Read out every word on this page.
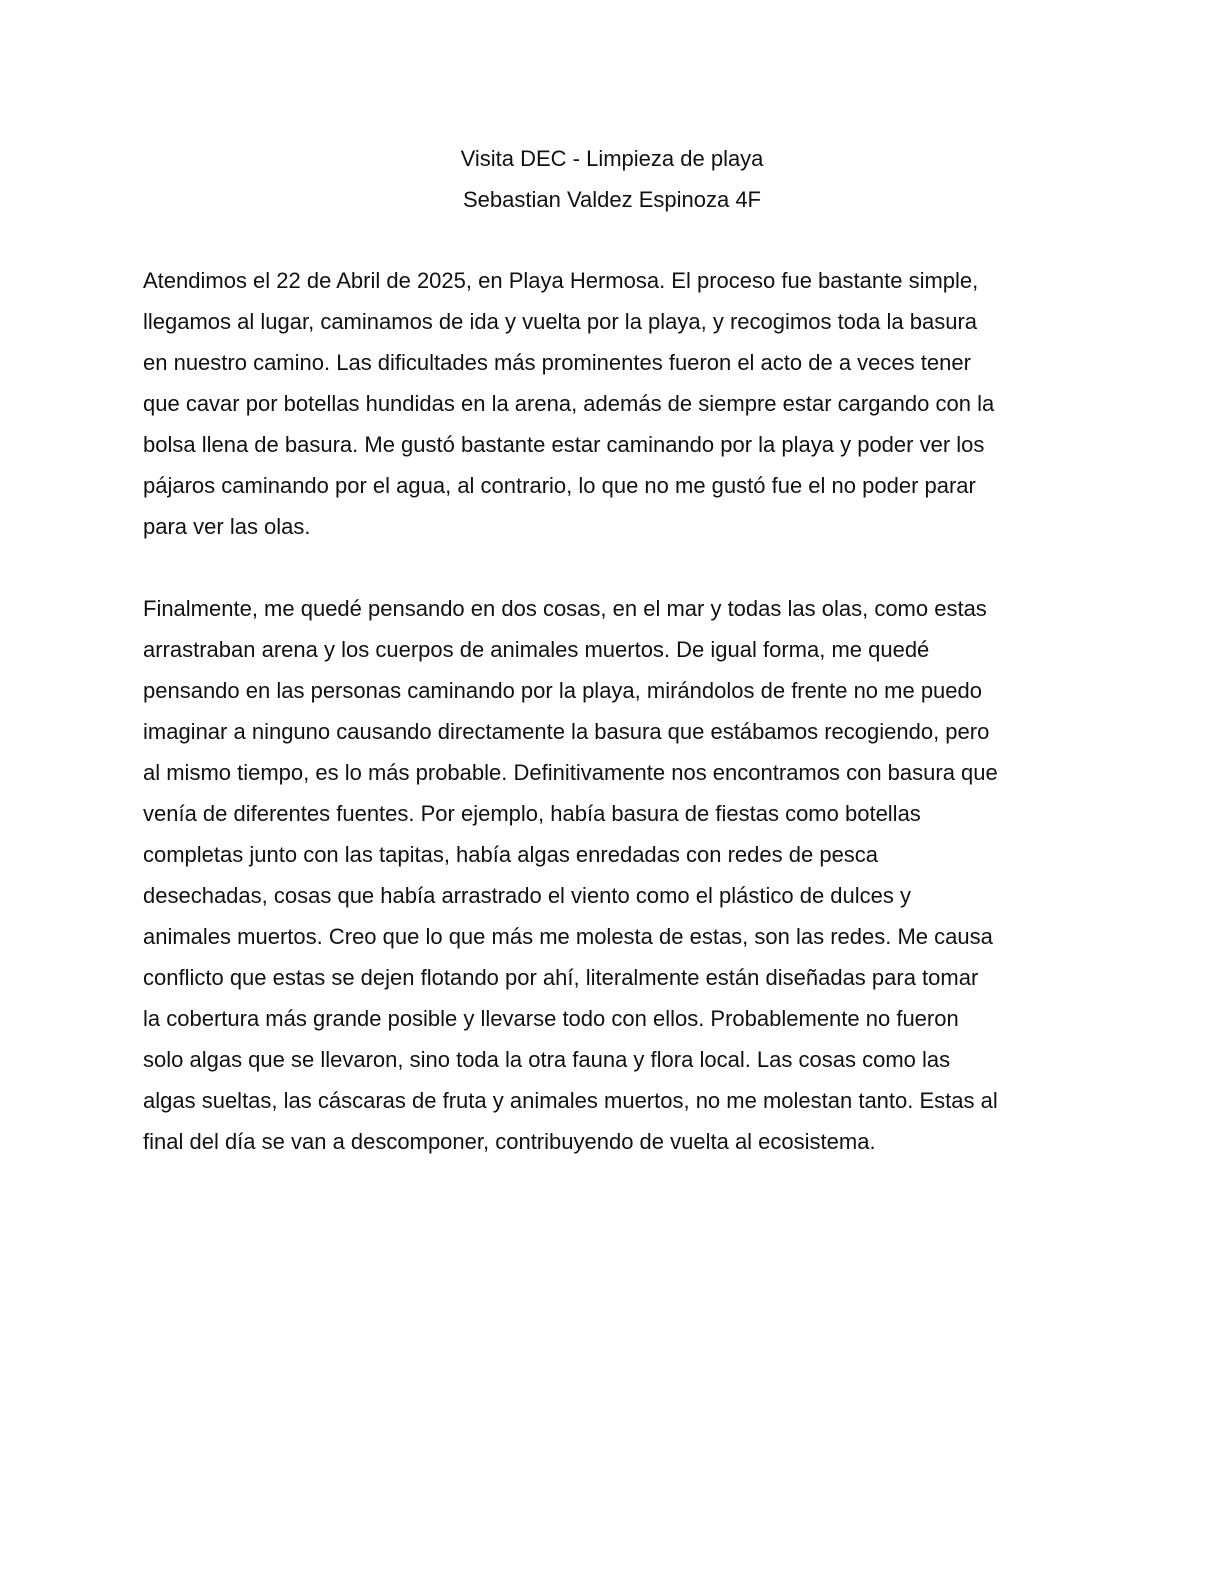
Visita DEC - Limpieza de playa
Sebastian Valdez Espinoza 4F

Atendimos el 22 de Abril de 2025, en Playa Hermosa. El proceso fue bastante simple,
llegamos al lugar, caminamos de ida y vuelta por la playa, y recogimos toda la basura
en nuestro camino. Las dificultades más prominentes fueron el acto de a veces tener
que cavar por botellas hundidas en la arena, además de siempre estar cargando con la
bolsa llena de basura. Me gustó bastante estar caminando por la playa y poder ver los
pájaros caminando por el agua, al contrario, lo que no me gustó fue el no poder parar
para ver las olas.

Finalmente, me quedé pensando en dos cosas, en el mar y todas las olas, como estas
arrastraban arena y los cuerpos de animales muertos. De igual forma, me quedé
pensando en las personas caminando por la playa, mirándolos de frente no me puedo
imaginar a ninguno causando directamente la basura que estábamos recogiendo, pero
al mismo tiempo, es lo más probable. Definitivamente nos encontramos con basura que
venía de diferentes fuentes. Por ejemplo, había basura de fiestas como botellas
completas junto con las tapitas, había algas enredadas con redes de pesca
desechadas, cosas que había arrastrado el viento como el plástico de dulces y
animales muertos. Creo que lo que más me molesta de estas, son las redes. Me causa
conflicto que estas se dejen flotando por ahí, literalmente están diseñadas para tomar
la cobertura más grande posible y llevarse todo con ellos. Probablemente no fueron
solo algas que se llevaron, sino toda la otra fauna y flora local. Las cosas como las
algas sueltas, las cáscaras de fruta y animales muertos, no me molestan tanto. Estas al
final del día se van a descomponer, contribuyendo de vuelta al ecosistema.
